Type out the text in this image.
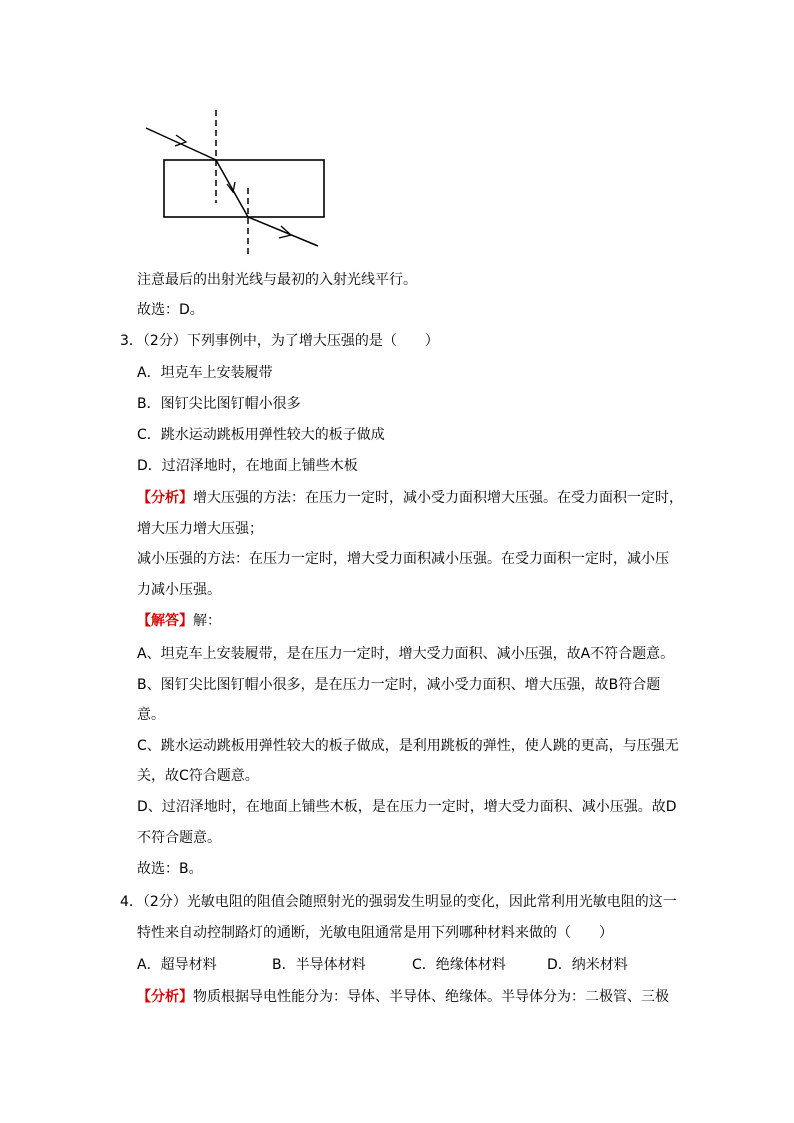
注意最后的出射光线与最初的入射光线平行。
故选：D。
3．（2分）下列事例中，为了增大压强的是（　　）
A．坦克车上安装履带
B．图钉尖比图钉帽小很多
C．跳水运动跳板用弹性较大的板子做成
D．过沼泽地时，在地面上铺些木板
【分析】增大压强的方法：在压力一定时，减小受力面积增大压强。在受力面积一定时，
增大压力增大压强；
减小压强的方法：在压力一定时，增大受力面积减小压强。在受力面积一定时，减小压
力减小压强。
【解答】解：
A、坦克车上安装履带，是在压力一定时，增大受力面积、减小压强，故A不符合题意。
B、图钉尖比图钉帽小很多，是在压力一定时，减小受力面积、增大压强，故B符合题
意。
C、跳水运动跳板用弹性较大的板子做成，是利用跳板的弹性，使人跳的更高，与压强无
关，故C符合题意。
D、过沼泽地时，在地面上铺些木板，是在压力一定时，增大受力面积、减小压强。故D
不符合题意。
故选：B。
4．（2分）光敏电阻的阻值会随照射光的强弱发生明显的变化，因此常利用光敏电阻的这一
特性来自动控制路灯的通断，光敏电阻通常是用下列哪种材料来做的（　　）
A．超导材料	B．半导体材料	C．绝缘体材料	D．纳米材料
【分析】物质根据导电性能分为：导体、半导体、绝缘体。半导体分为：二极管、三极
